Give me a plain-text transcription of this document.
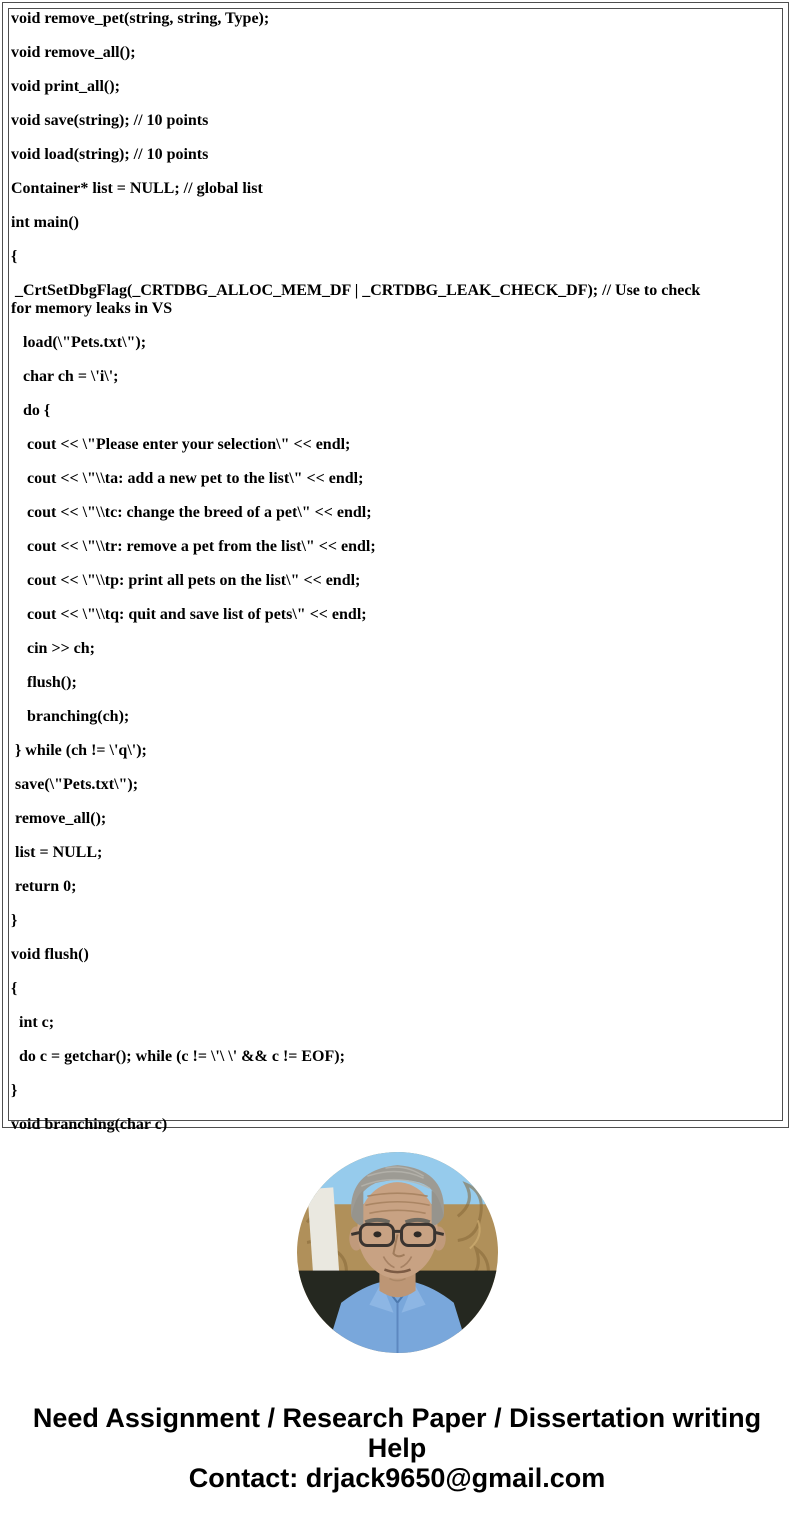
void remove_pet(string, string, Type);

void remove_all();

void print_all();

void save(string); // 10 points

void load(string); // 10 points

Container* list = NULL; // global list

int main()

{

_CrtSetDbgFlag(_CRTDBG_ALLOC_MEM_DF | _CRTDBG_LEAK_CHECK_DF); // Use to check for memory leaks in VS

load(\"Pets.txt\");

char ch = \'i\';

do {

cout << \"Please enter your selection\" << endl;

cout << \"\\ta: add a new pet to the list\" << endl;

cout << \"\\tc: change the breed of a pet\" << endl;

cout << \"\\tr: remove a pet from the list\" << endl;

cout << \"\\tp: print all pets on the list\" << endl;

cout << \"\\tq: quit and save list of pets\" << endl;

cin >> ch;

flush();

branching(ch);

} while (ch != \'q\');

save(\"Pets.txt\");

remove_all();

list = NULL;

return 0;

}

void flush()

{

int c;

do c = getchar(); while (c != \'\ \' && c != EOF);

}

void branching(char c)

Need Assignment / Research Paper / Dissertation writing Help

Contact: drjack9650@gmail.com
